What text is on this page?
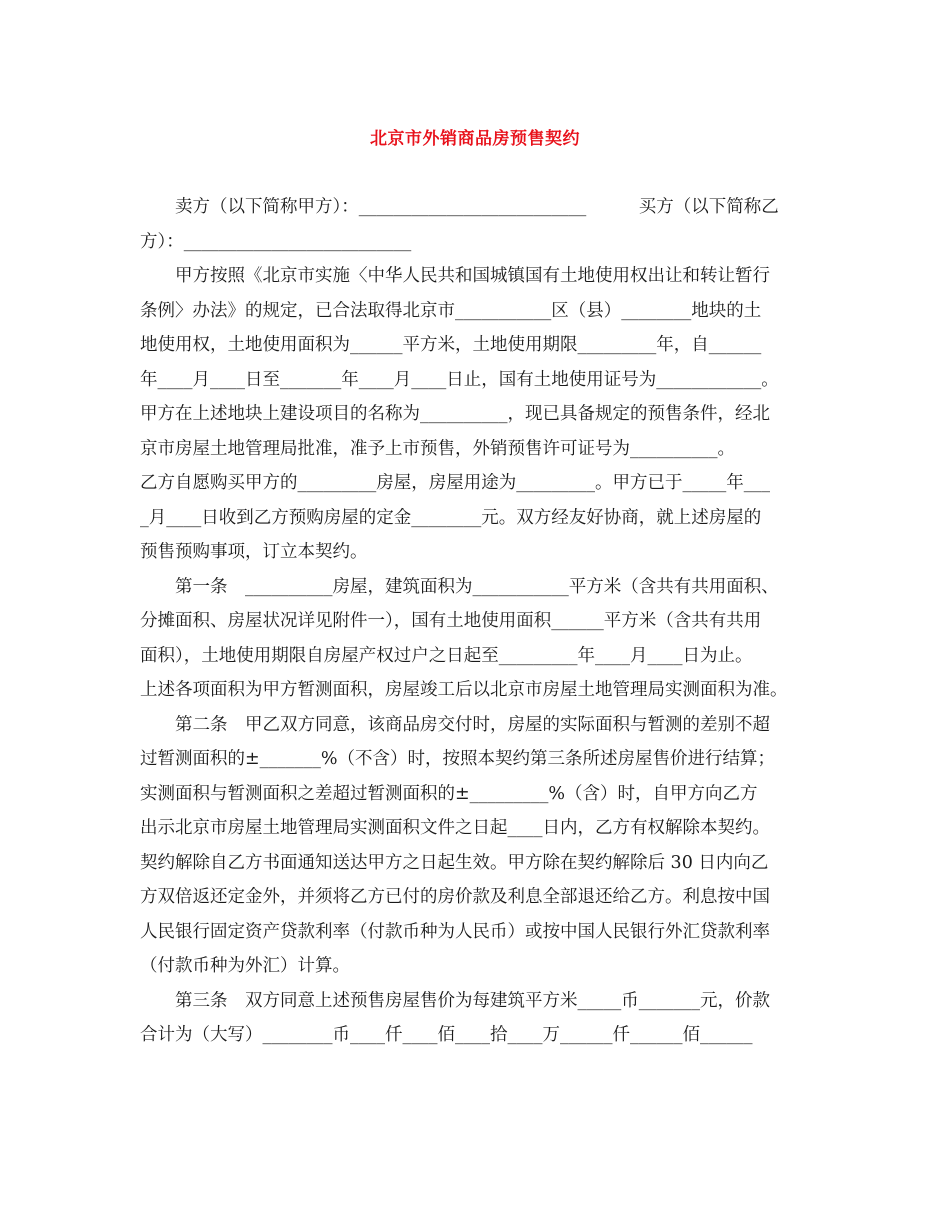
北京市外销商品房预售契约
卖方（以下简称甲方）：__________________________　　　买方（以下简称乙
方）：__________________________
甲方按照《北京市实施〈中华人民共和国城镇国有土地使用权出让和转让暂行
条例〉办法》的规定，已合法取得北京市___________区（县）________地块的土
地使用权，土地使用面积为______平方米，土地使用期限_________年，自______
年____月____日至_______年____月____日止，国有土地使用证号为____________。
甲方在上述地块上建设项目的名称为__________，现已具备规定的预售条件，经北
京市房屋土地管理局批准，准予上市预售，外销预售许可证号为__________。
乙方自愿购买甲方的_________房屋，房屋用途为_________。甲方已于_____年___
_月____日收到乙方预购房屋的定金________元。双方经友好协商，就上述房屋的
预售预购事项，订立本契约。
第一条　__________房屋，建筑面积为___________平方米（含共有共用面积、
分摊面积、房屋状况详见附件一），国有土地使用面积______平方米（含共有共用
面积），土地使用期限自房屋产权过户之日起至_________年____月____日为止。
上述各项面积为甲方暂测面积，房屋竣工后以北京市房屋土地管理局实测面积为准。
第二条　甲乙双方同意，该商品房交付时，房屋的实际面积与暂测的差别不超
过暂测面积的±_______%（不含）时，按照本契约第三条所述房屋售价进行结算；
实测面积与暂测面积之差超过暂测面积的±_________%（含）时，自甲方向乙方
出示北京市房屋土地管理局实测面积文件之日起____日内，乙方有权解除本契约。
契约解除自乙方书面通知送达甲方之日起生效。甲方除在契约解除后 30 日内向乙
方双倍返还定金外，并须将乙方已付的房价款及利息全部退还给乙方。利息按中国
人民银行固定资产贷款利率（付款币种为人民币）或按中国人民银行外汇贷款利率
（付款币种为外汇）计算。
第三条　双方同意上述预售房屋售价为每建筑平方米_____币_______元，价款
合计为（大写）________币____仟____佰____拾____万______仟______佰______
